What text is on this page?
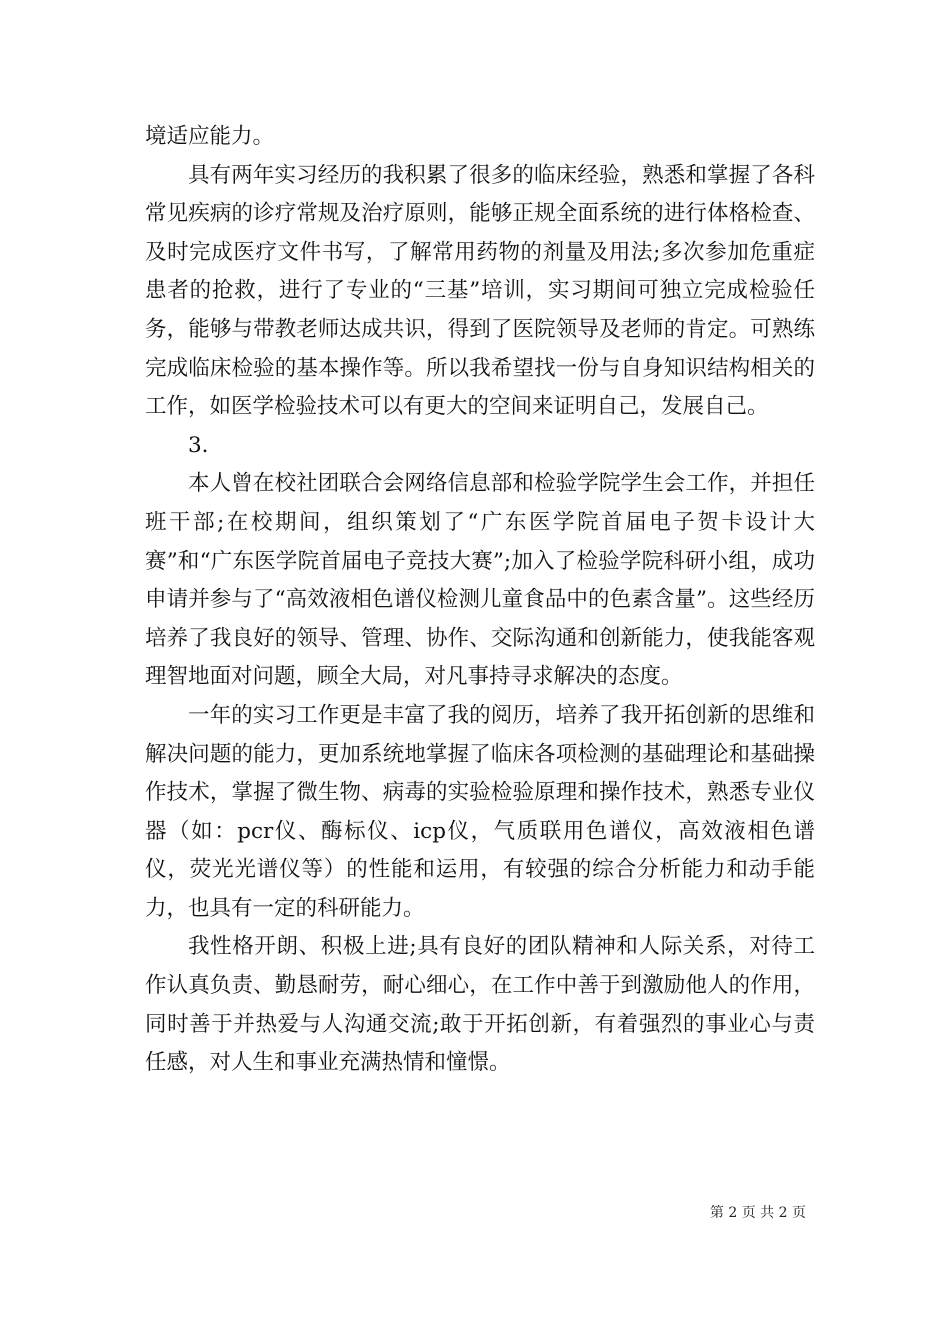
境适应能力。

具有两年实习经历的我积累了很多的临床经验，熟悉和掌握了各科常见疾病的诊疗常规及治疗原则，能够正规全面系统的进行体格检查、及时完成医疗文件书写，了解常用药物的剂量及用法;多次参加危重症患者的抢救，进行了专业的“三基”培训，实习期间可独立完成检验任务，能够与带教老师达成共识，得到了医院领导及老师的肯定。可熟练完成临床检验的基本操作等。所以我希望找一份与自身知识结构相关的工作，如医学检验技术可以有更大的空间来证明自己，发展自己。

3.

本人曾在校社团联合会网络信息部和检验学院学生会工作，并担任班干部;在校期间，组织策划了“广东医学院首届电子贺卡设计大赛”和“广东医学院首届电子竞技大赛”;加入了检验学院科研小组，成功申请并参与了“高效液相色谱仪检测儿童食品中的色素含量”。这些经历培养了我良好的领导、管理、协作、交际沟通和创新能力，使我能客观理智地面对问题，顾全大局，对凡事持寻求解决的态度。

一年的实习工作更是丰富了我的阅历，培养了我开拓创新的思维和解决问题的能力，更加系统地掌握了临床各项检测的基础理论和基础操作技术，掌握了微生物、病毒的实验检验原理和操作技术，熟悉专业仪器（如：pcr仪、酶标仪、icp仪，气质联用色谱仪，高效液相色谱仪，荧光光谱仪等）的性能和运用，有较强的综合分析能力和动手能力，也具有一定的科研能力。

我性格开朗、积极上进;具有良好的团队精神和人际关系，对待工作认真负责、勤恳耐劳，耐心细心，在工作中善于到激励他人的作用，同时善于并热爱与人沟通交流;敢于开拓创新，有着强烈的事业心与责任感，对人生和事业充满热情和憧憬。

第 2 页 共 2 页
